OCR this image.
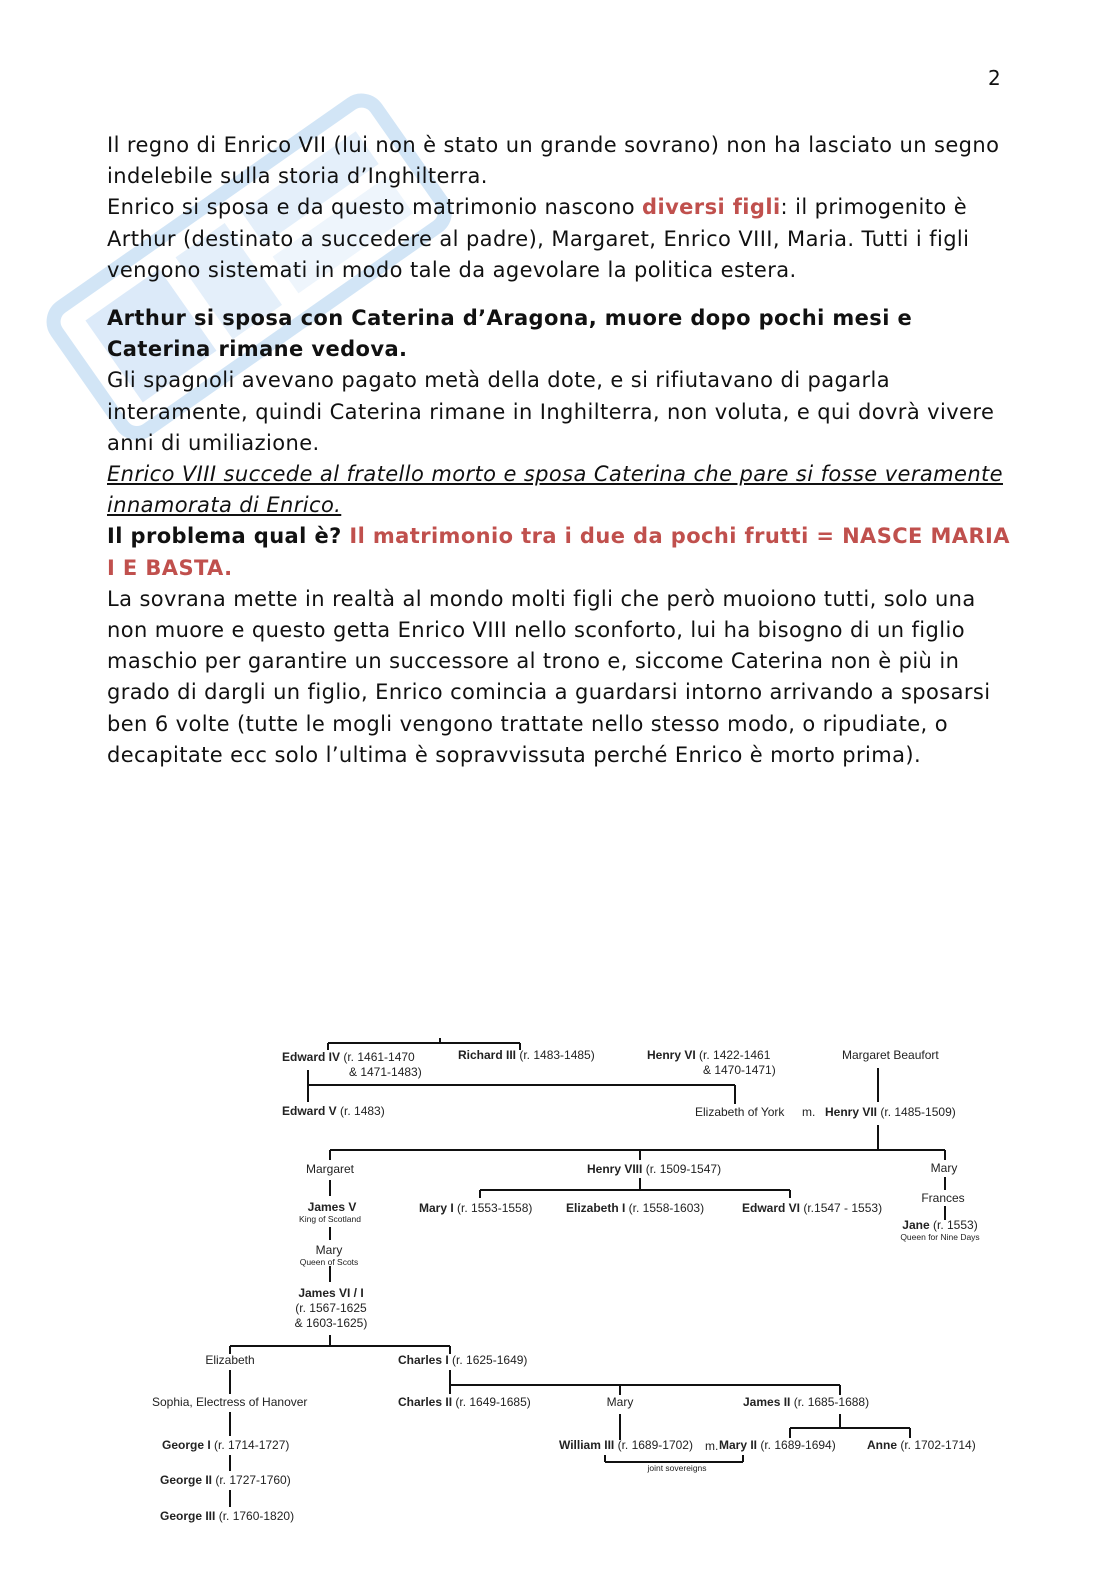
2

Il regno di Enrico VII (lui non è stato un grande sovrano) non ha lasciato un segno indelebile sulla storia d’Inghilterra.

Enrico si sposa e da questo matrimonio nascono diversi figli: il primogenito è Arthur (destinato a succedere al padre), Margaret, Enrico VIII, Maria. Tutti i figli vengono sistemati in modo tale da agevolare la politica estera.

Arthur si sposa con Caterina d’Aragona, muore dopo pochi mesi e Caterina rimane vedova.

Gli spagnoli avevano pagato metà della dote, e si rifiutavano di pagarla interamente, quindi Caterina rimane in Inghilterra, non voluta, e qui dovrà vivere anni di umiliazione.

Enrico VIII succede al fratello morto e sposa Caterina che pare si fosse veramente innamorata di Enrico.

Il problema qual è? Il matrimonio tra i due da pochi frutti = NASCE MARIA I E BASTA.

La sovrana mette in realtà al mondo molti figli che però muoiono tutti, solo una non muore e questo getta Enrico VIII nello sconforto, lui ha bisogno di un figlio maschio per garantire un successore al trono e, siccome Caterina non è più in grado di dargli un figlio, Enrico comincia a guardarsi intorno arrivando a sposarsi ben 6 volte (tutte le mogli vengono trattate nello stesso modo, o ripudiate, o decapitate ecc solo l’ultima è sopravvissuta perché Enrico è morto prima).

Edward IV (r. 1461-1470
& 1471-1483)
Richard III (r. 1483-1485)	Henry VI (r. 1422-1461
& 1470-1471)
Margaret Beaufort
Edward V (r. 1483)	Elizabeth of York m. Henry VII (r. 1485-1509)
Margaret	Henry VIII (r. 1509-1547)	Mary
James V
King of Scotland
Mary I (r. 1553-1558)	Elizabeth I (r. 1558-1603)	Edward VI (r.1547 - 1553)
Frances
Jane (r. 1553)
Queen for Nine Days
Mary
Queen of Scots
James VI / I
(r. 1567-1625
& 1603-1625)
Elizabeth	Charles I (r. 1625-1649)
Sophia, Electress of Hanover	Charles II (r. 1649-1685)	Mary	James II (r. 1685-1688)
George I (r. 1714-1727)	William III (r. 1689-1702) m. Mary II (r. 1689-1694)	Anne (r. 1702-1714)
joint sovereigns
George II (r. 1727-1760)
George III (r. 1760-1820)
